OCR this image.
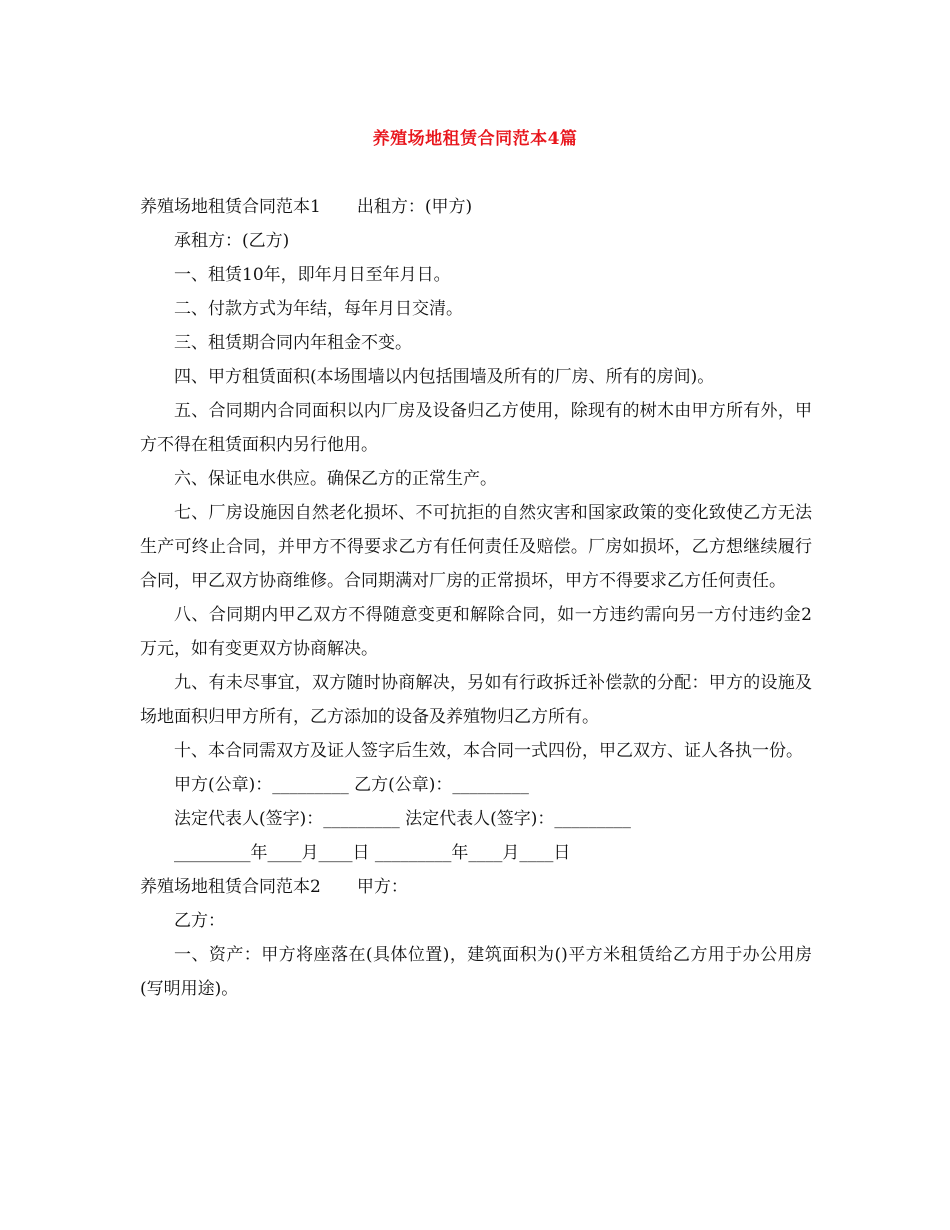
养殖场地租赁合同范本4篇

养殖场地租赁合同范本1 出租方：(甲方)

承租方：(乙方)

一、租赁10年，即年月日至年月日。

二、付款方式为年结，每年月日交清。

三、租赁期合同内年租金不变。

四、甲方租赁面积(本场围墙以内包括围墙及所有的厂房、所有的房间)。

五、合同期内合同面积以内厂房及设备归乙方使用，除现有的树木由甲方所有外，甲方不得在租赁面积内另行他用。

六、保证电水供应。确保乙方的正常生产。

七、厂房设施因自然老化损坏、不可抗拒的自然灾害和国家政策的变化致使乙方无法生产可终止合同，并甲方不得要求乙方有任何责任及赔偿。厂房如损坏，乙方想继续履行合同，甲乙双方协商维修。合同期满对厂房的正常损坏，甲方不得要求乙方任何责任。

八、合同期内甲乙双方不得随意变更和解除合同，如一方违约需向另一方付违约金2万元，如有变更双方协商解决。

九、有未尽事宜，双方随时协商解决，另如有行政拆迁补偿款的分配：甲方的设施及场地面积归甲方所有，乙方添加的设备及养殖物归乙方所有。

十、本合同需双方及证人签字后生效，本合同一式四份，甲乙双方、证人各执一份。

甲方(公章)：_________ 乙方(公章)：_________

法定代表人(签字)：_________ 法定代表人(签字)：_________

_________年____月____日 _________年____月____日

养殖场地租赁合同范本2 甲方：

乙方：

一、资产：甲方将座落在(具体位置)，建筑面积为()平方米租赁给乙方用于办公用房(写明用途)。
